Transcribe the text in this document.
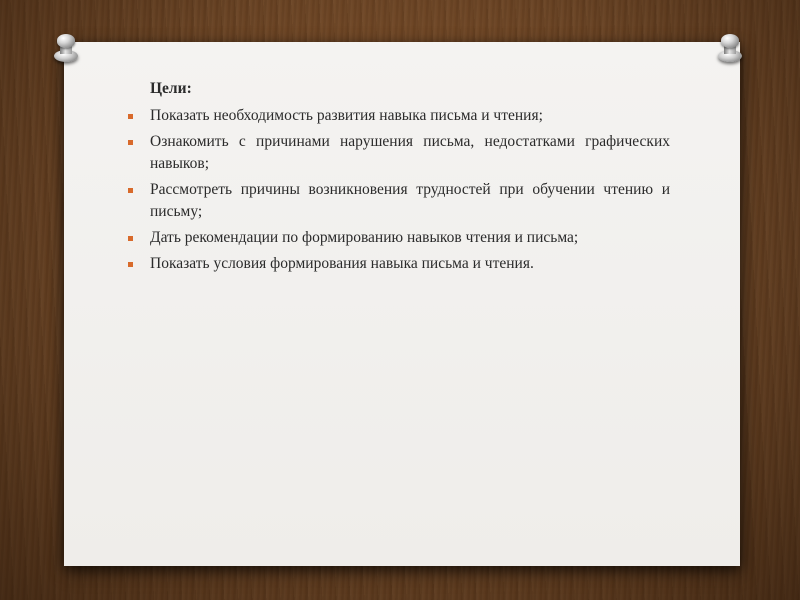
Цели:
Показать необходимость развития навыка письма и чтения;
Ознакомить с причинами нарушения письма, недостатками графических навыков;
Рассмотреть причины возникновения трудностей при обучении чтению и письму;
Дать рекомендации по формированию навыков чтения и письма;
Показать условия формирования навыка письма и чтения.
